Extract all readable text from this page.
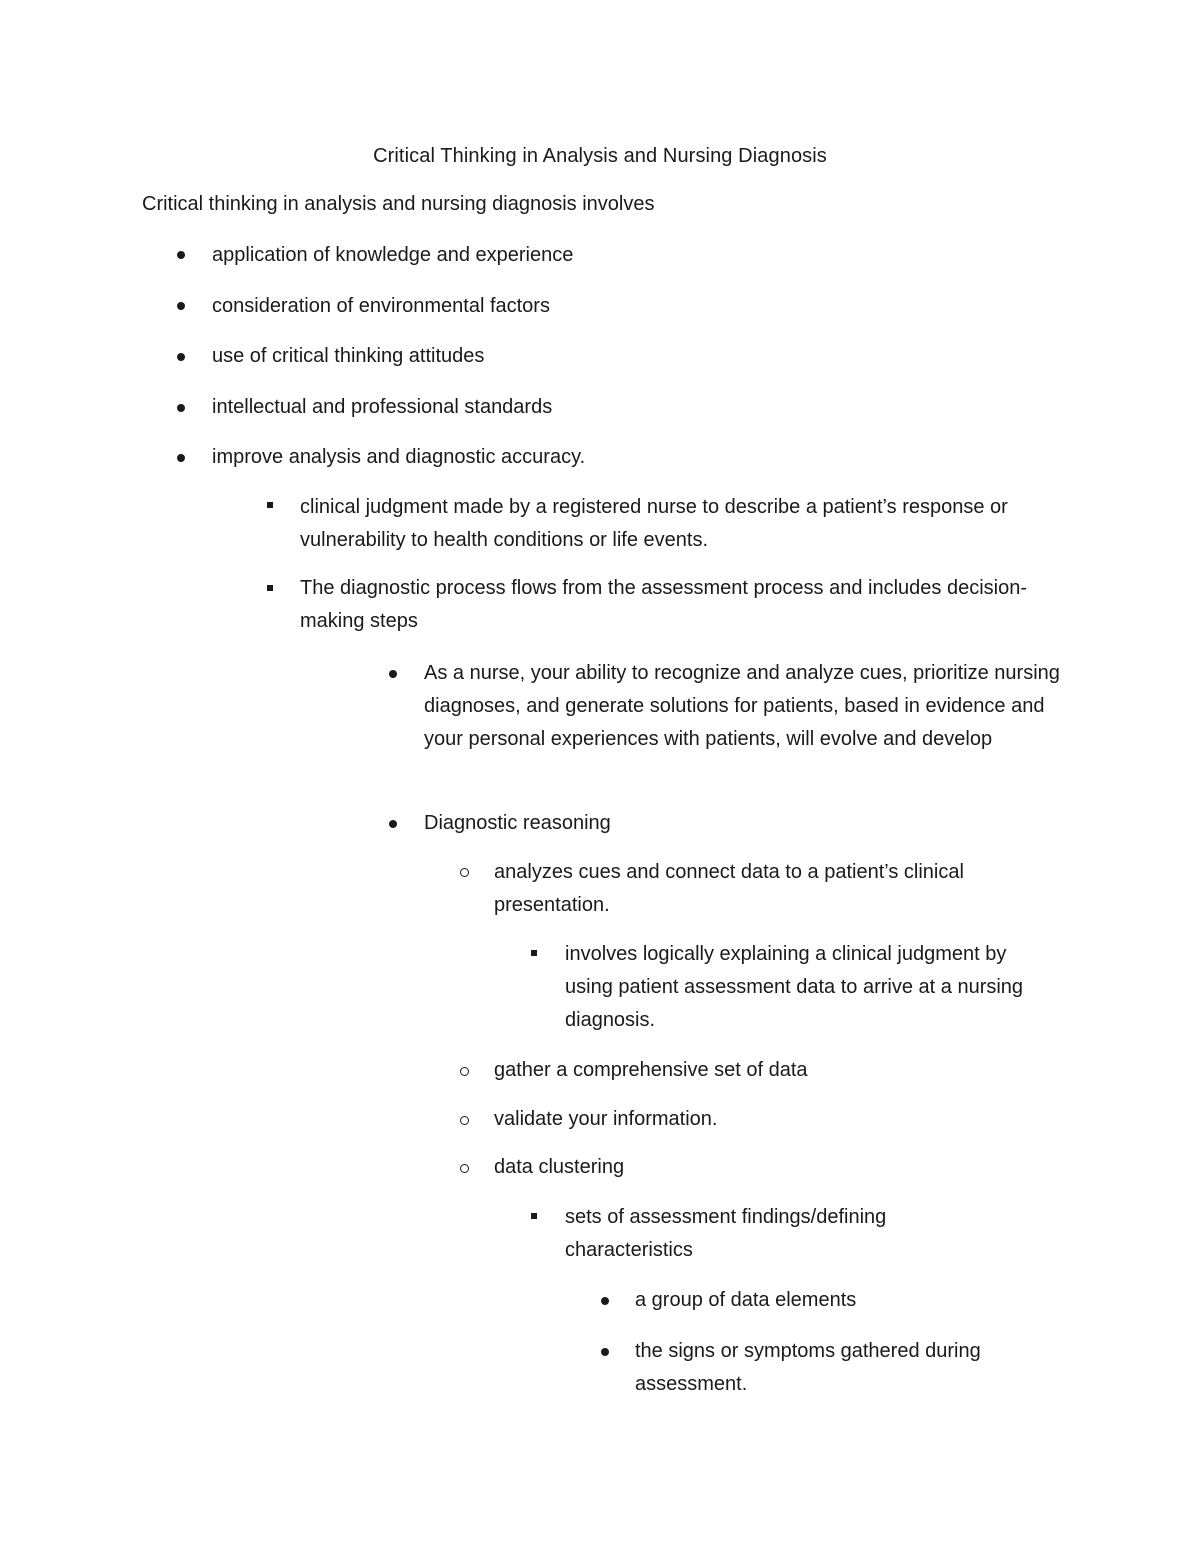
Critical Thinking in Analysis and Nursing Diagnosis
Critical thinking in analysis and nursing diagnosis involves
application of knowledge and experience
consideration of environmental factors
use of critical thinking attitudes
intellectual and professional standards
improve analysis and diagnostic accuracy.
clinical judgment made by a registered nurse to describe a patient’s response or vulnerability to health conditions or life events.
The diagnostic process flows from the assessment process and includes decision-making steps
As a nurse, your ability to recognize and analyze cues, prioritize nursing diagnoses, and generate solutions for patients, based in evidence and your personal experiences with patients, will evolve and develop
Diagnostic reasoning
analyzes cues and connect data to a patient’s clinical presentation.
involves logically explaining a clinical judgment by using patient assessment data to arrive at a nursing diagnosis.
gather a comprehensive set of data
validate your information.
data clustering
sets of assessment findings/defining characteristics
a group of data elements
the signs or symptoms gathered during assessment.
